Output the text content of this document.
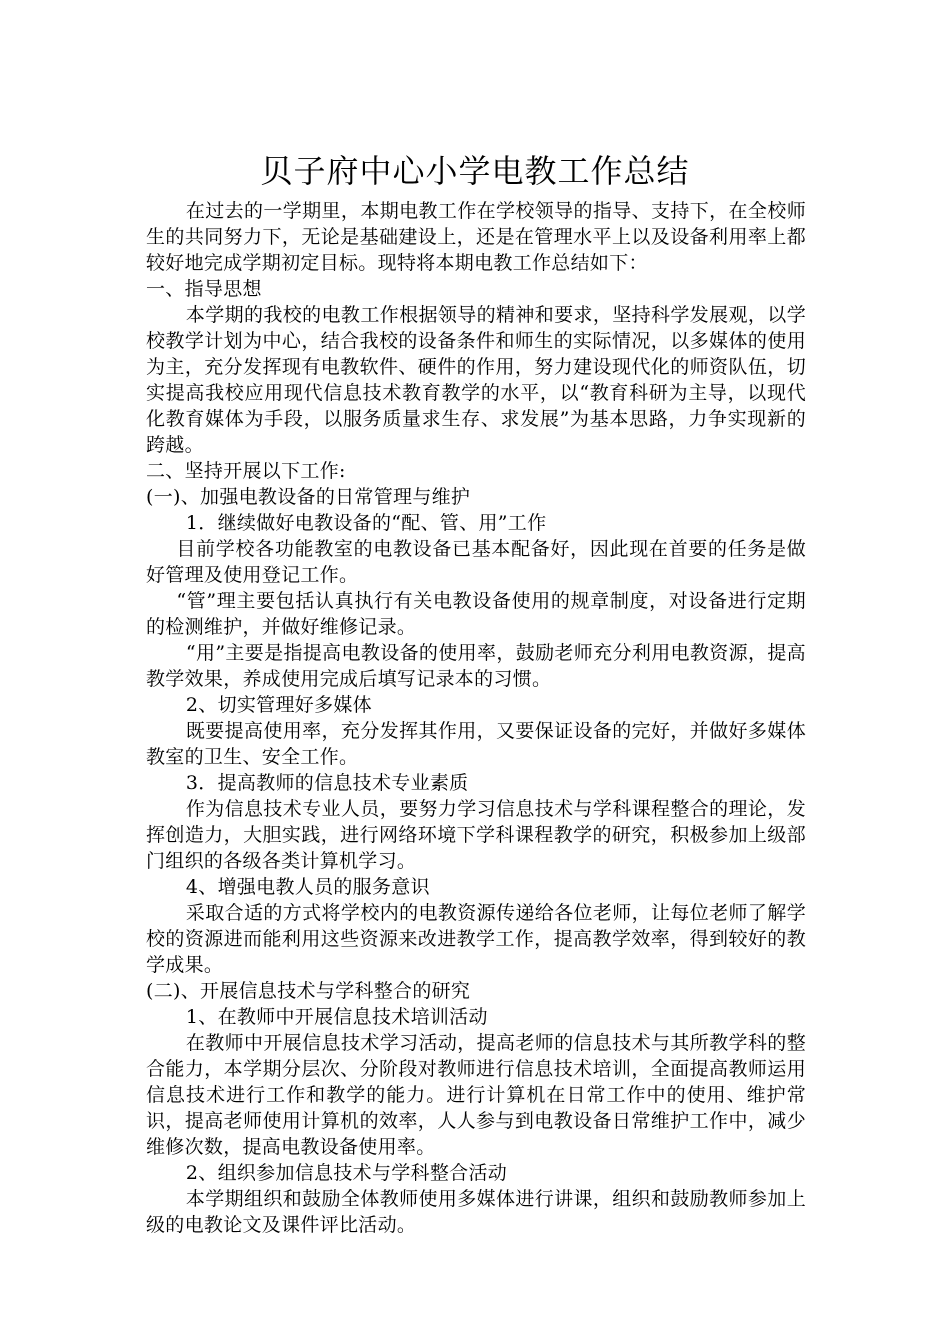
贝子府中心小学电教工作总结

在过去的一学期里，本期电教工作在学校领导的指导、支持下，在全校师生的共同努力下，无论是基础建设上，还是在管理水平上以及设备利用率上都较好地完成学期初定目标。现特将本期电教工作总结如下：

一、指导思想

本学期的我校的电教工作根据领导的精神和要求，坚持科学发展观，以学校教学计划为中心，结合我校的设备条件和师生的实际情况，以多媒体的使用为主，充分发挥现有电教软件、硬件的作用，努力建设现代化的师资队伍，切实提高我校应用现代信息技术教育教学的水平，以“教育科研为主导，以现代化教育媒体为手段，以服务质量求生存、求发展”为基本思路，力争实现新的跨越。

二、坚持开展以下工作:

(一)、加强电教设备的日常管理与维护

1．继续做好电教设备的“配、管、用”工作

目前学校各功能教室的电教设备已基本配备好，因此现在首要的任务是做好管理及使用登记工作。

“管”理主要包括认真执行有关电教设备使用的规章制度，对设备进行定期的检测维护，并做好维修记录。

“用”主要是指提高电教设备的使用率，鼓励老师充分利用电教资源，提高教学效果，养成使用完成后填写记录本的习惯。

2、切实管理好多媒体

既要提高使用率，充分发挥其作用，又要保证设备的完好，并做好多媒体教室的卫生、安全工作。

3．提高教师的信息技术专业素质

作为信息技术专业人员，要努力学习信息技术与学科课程整合的理论，发挥创造力，大胆实践，进行网络环境下学科课程教学的研究，积极参加上级部门组织的各级各类计算机学习。

4、增强电教人员的服务意识

采取合适的方式将学校内的电教资源传递给各位老师，让每位老师了解学校的资源进而能利用这些资源来改进教学工作，提高教学效率，得到较好的教学成果。

(二)、开展信息技术与学科整合的研究

1、在教师中开展信息技术培训活动

在教师中开展信息技术学习活动，提高老师的信息技术与其所教学科的整合能力，本学期分层次、分阶段对教师进行信息技术培训，全面提高教师运用信息技术进行工作和教学的能力。进行计算机在日常工作中的使用、维护常识，提高老师使用计算机的效率，人人参与到电教设备日常维护工作中，减少维修次数，提高电教设备使用率。

2、组织参加信息技术与学科整合活动

本学期组织和鼓励全体教师使用多媒体进行讲课，组织和鼓励教师参加上级的电教论文及课件评比活动。
